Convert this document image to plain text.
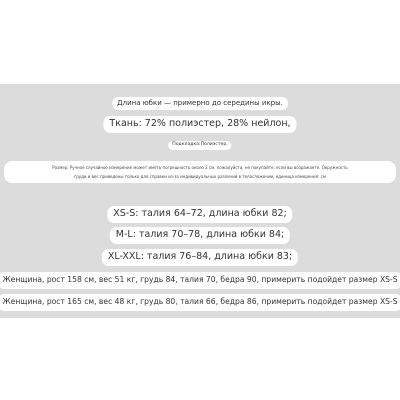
Длина юбки — примерно до середины икры.
Ткань: 72% полиэстер, 28% нейлон,
Подкладка:Полиэстер,
Размер: Ручное случайное измерение может иметь погрешность около 2 см, пожалуйста, не покупайте, если вы возражаете. Окружность
груди и вес приведены только для справки из-за индивидуальных различий в телосложении, единица измерения: см
XS-S: талия 64–72, длина юбки 82;
M-L: талия 70–78, длина юбки 84;
XL-XXL: талия 76–84, длина юбки 83;
Женщина, рост 158 см, вес 51 кг, грудь 84, талия 70, бедра 90, примерить подойдет размер XS-S
Женщина, рост 165 см, вес 48 кг, грудь 80, талия 66, бедра 86, примерить подойдет размер XS-S
